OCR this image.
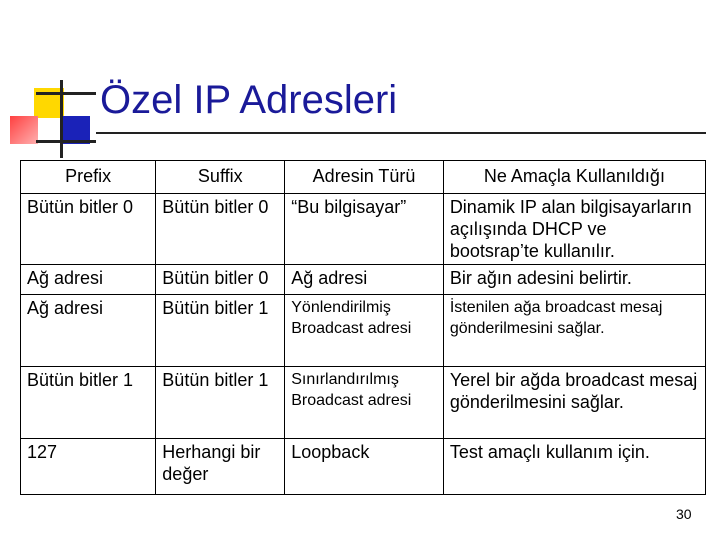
Özel IP Adresleri
Prefix	Suffix	Adresin Türü	Ne Amaçla Kullanıldığı
Bütün bitler 0	Bütün bitler 0	“Bu bilgisayar”	Dinamik IP alan bilgisayarların açılışında DHCP ve bootsrap’te kullanılır.
Ağ adresi	Bütün bitler 0	Ağ adresi	Bir ağın adesini belirtir.
Ağ adresi	Bütün bitler 1	Yönlendirilmiş Broadcast adresi	İstenilen ağa broadcast mesaj gönderilmesini sağlar.
Bütün bitler 1	Bütün bitler 1	Sınırlandırılmış Broadcast adresi	Yerel bir ağda broadcast mesaj gönderilmesini sağlar.
127	Herhangi bir değer	Loopback	Test amaçlı kullanım için.
30
